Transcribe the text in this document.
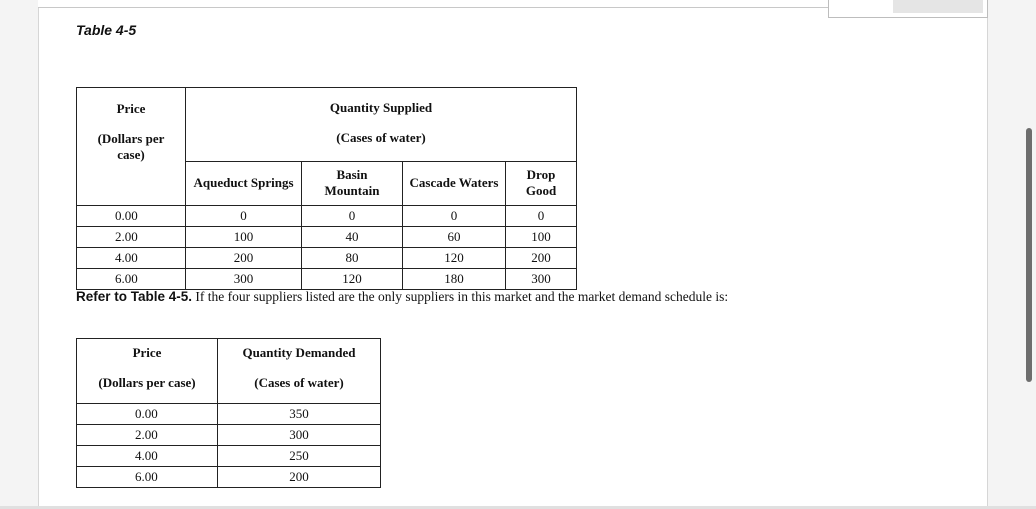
Table 4-5
Price
(Dollars per case)	Quantity Supplied
(Cases of water)			

	Aqueduct Springs	Basin Mountain	Cascade Waters	Drop Good
0.00	0	0	0	0
2.00	100	40	60	100
4.00	200	80	120	200
6.00	300	120	180	300

Refer to Table 4-5. If the four suppliers listed are the only suppliers in this market and the market demand schedule is:

Price
(Dollars per case)	Quantity Demanded
(Cases of water)

0.00	350
2.00	300
4.00	250
6.00	200
